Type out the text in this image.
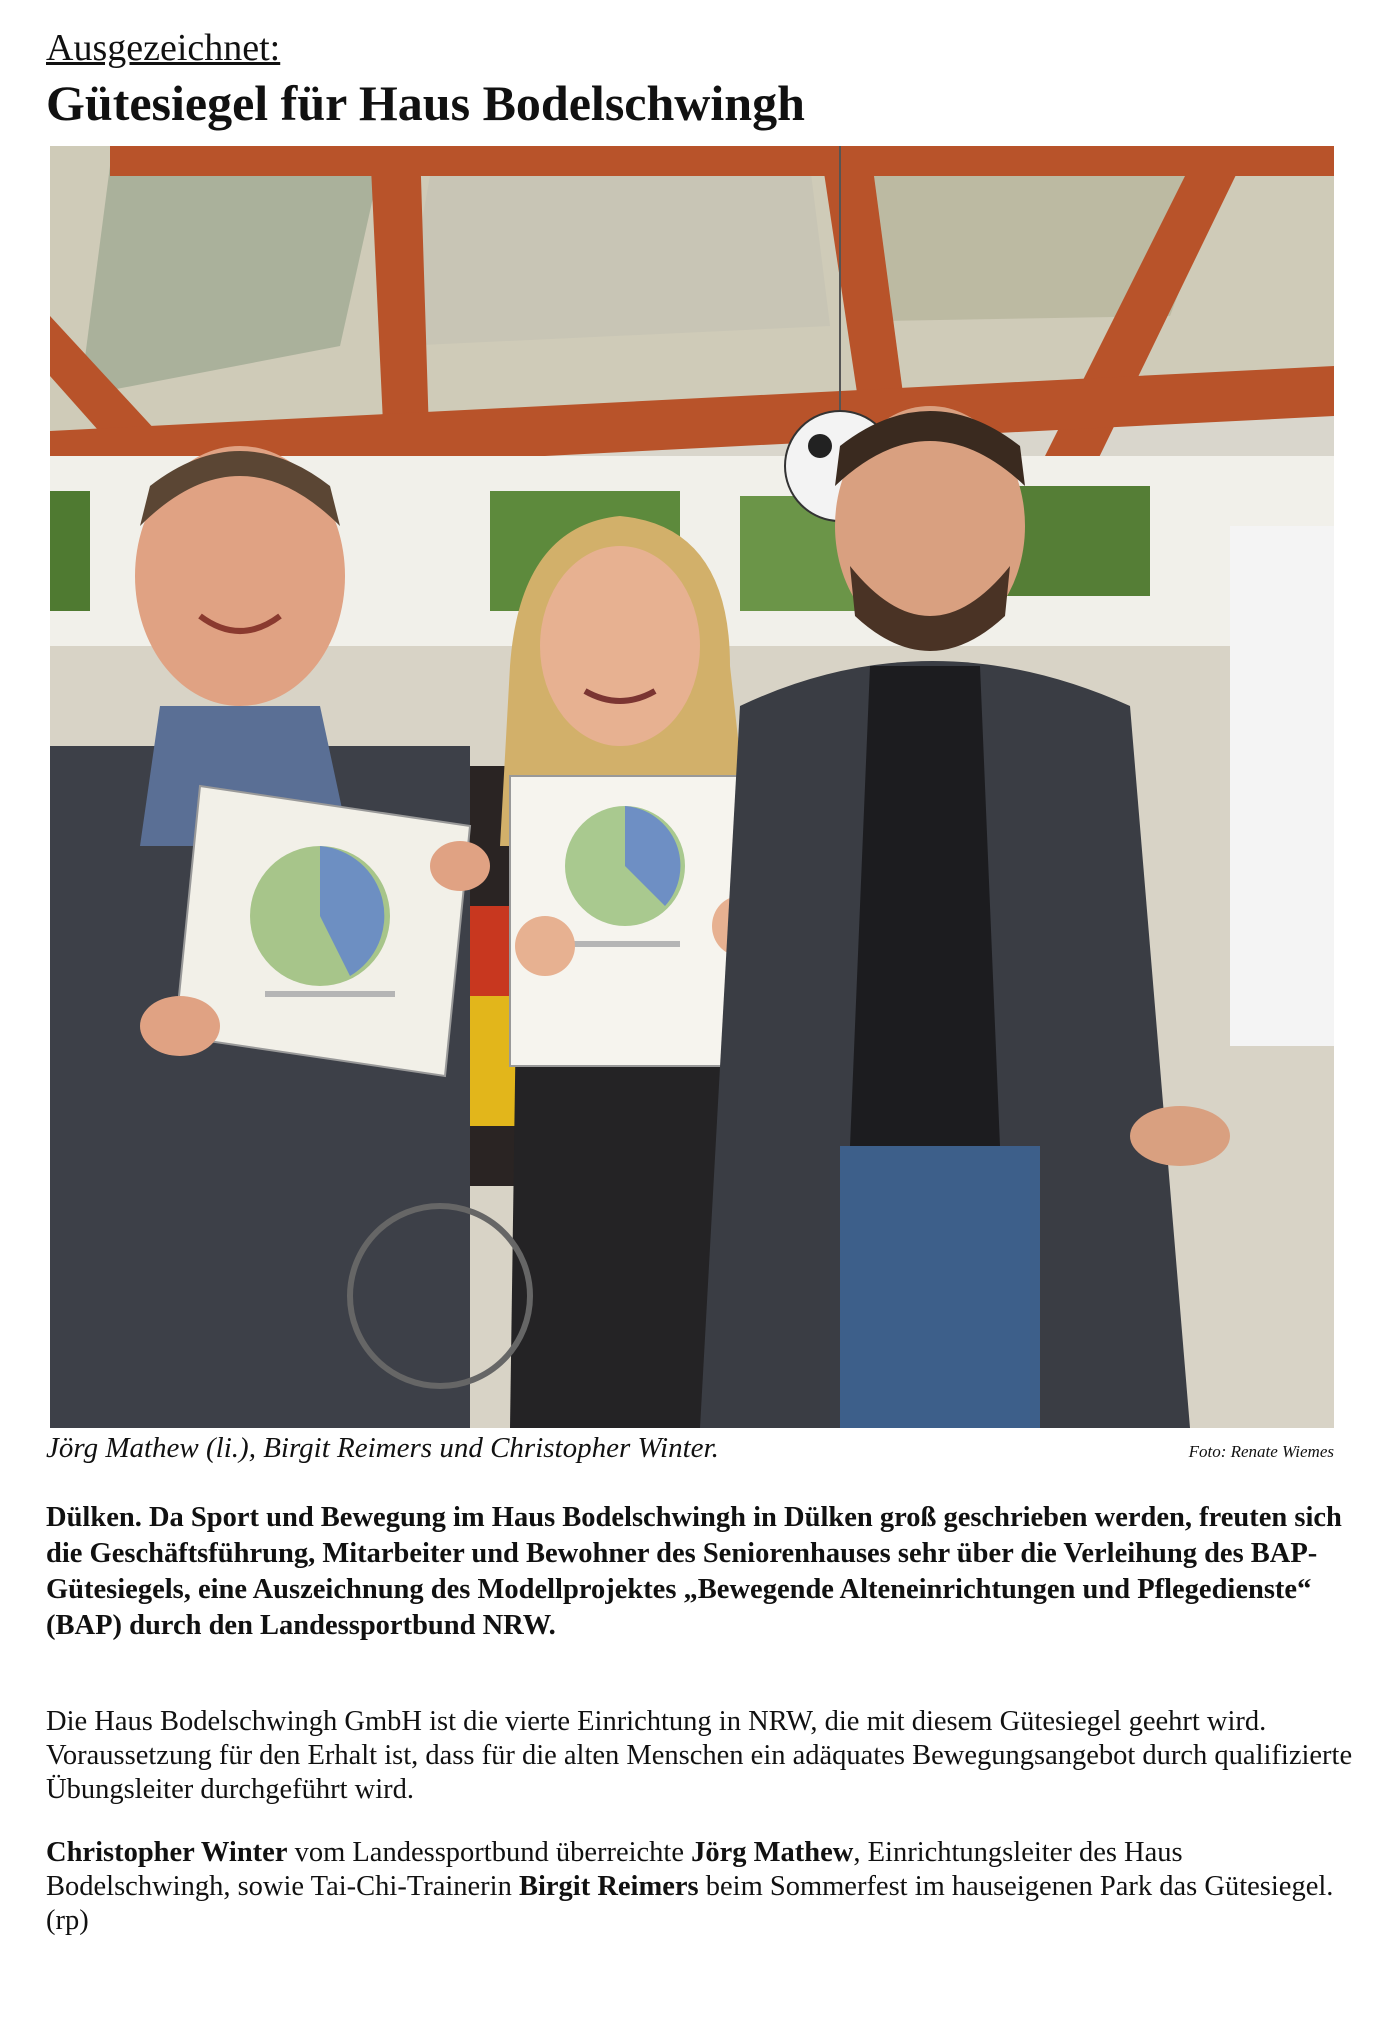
Ausgezeichnet:
Gütesiegel für Haus Bodelschwingh
Jörg Mathew (li.), Birgit Reimers und Christopher Winter.	Foto: Renate Wiemes

Dülken. Da Sport und Bewegung im Haus Bodelschwingh in Dülken groß geschrieben werden, freuten sich die Geschäftsführung, Mitarbeiter und Bewohner des Seniorenhauses sehr über die Verleihung des BAP-Gütesiegels, eine Auszeichnung des Modellprojektes „Bewegende Alteneinrichtungen und Pflegedienste“ (BAP) durch den Landessportbund NRW.

Die Haus Bodelschwingh GmbH ist die vierte Einrichtung in NRW, die mit diesem Gütesiegel geehrt wird. Voraussetzung für den Erhalt ist, dass für die alten Menschen ein adäquates Bewegungsangebot durch qualifizierte Übungsleiter durchgeführt wird.

Christopher Winter vom Landessportbund überreichte Jörg Mathew, Einrichtungsleiter des Haus Bodelschwingh, sowie Tai-Chi-Trainerin Birgit Reimers beim Sommerfest im hauseigenen Park das Gütesiegel. (rp)
